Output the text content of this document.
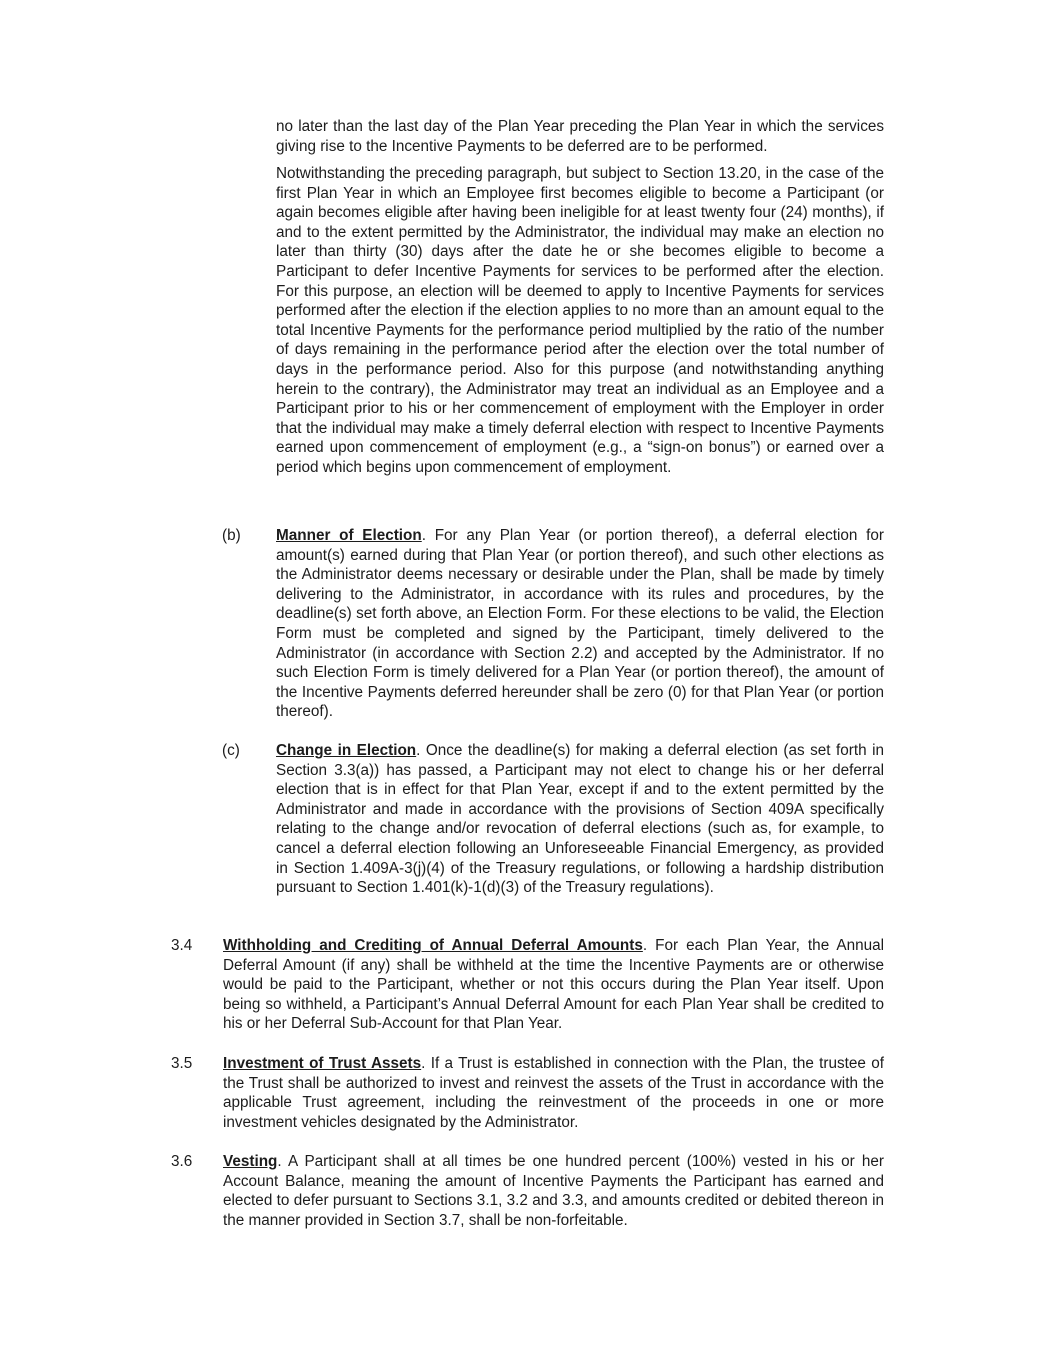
no later than the last day of the Plan Year preceding the Plan Year in which the services giving rise to the Incentive Payments to be deferred are to be performed.

Notwithstanding the preceding paragraph, but subject to Section 13.20, in the case of the first Plan Year in which an Employee first becomes eligible to become a Participant (or again becomes eligible after having been ineligible for at least twenty four (24) months), if and to the extent permitted by the Administrator, the individual may make an election no later than thirty (30) days after the date he or she becomes eligible to become a Participant to defer Incentive Payments for services to be performed after the election. For this purpose, an election will be deemed to apply to Incentive Payments for services performed after the election if the election applies to no more than an amount equal to the total Incentive Payments for the performance period multiplied by the ratio of the number of days remaining in the performance period after the election over the total number of days in the performance period. Also for this purpose (and notwithstanding anything herein to the contrary), the Administrator may treat an individual as an Employee and a Participant prior to his or her commencement of employment with the Employer in order that the individual may make a timely deferral election with respect to Incentive Payments earned upon commencement of employment (e.g., a “sign-on bonus”) or earned over a period which begins upon commencement of employment.

(b) Manner of Election. For any Plan Year (or portion thereof), a deferral election for amount(s) earned during that Plan Year (or portion thereof), and such other elections as the Administrator deems necessary or desirable under the Plan, shall be made by timely delivering to the Administrator, in accordance with its rules and procedures, by the deadline(s) set forth above, an Election Form. For these elections to be valid, the Election Form must be completed and signed by the Participant, timely delivered to the Administrator (in accordance with Section 2.2) and accepted by the Administrator. If no such Election Form is timely delivered for a Plan Year (or portion thereof), the amount of the Incentive Payments deferred hereunder shall be zero (0) for that Plan Year (or portion thereof).

(c) Change in Election. Once the deadline(s) for making a deferral election (as set forth in Section 3.3(a)) has passed, a Participant may not elect to change his or her deferral election that is in effect for that Plan Year, except if and to the extent permitted by the Administrator and made in accordance with the provisions of Section 409A specifically relating to the change and/or revocation of deferral elections (such as, for example, to cancel a deferral election following an Unforeseeable Financial Emergency, as provided in Section 1.409A-3(j)(4) of the Treasury regulations, or following a hardship distribution pursuant to Section 1.401(k)-1(d)(3) of the Treasury regulations).

3.4 Withholding and Crediting of Annual Deferral Amounts. For each Plan Year, the Annual Deferral Amount (if any) shall be withheld at the time the Incentive Payments are or otherwise would be paid to the Participant, whether or not this occurs during the Plan Year itself. Upon being so withheld, a Participant’s Annual Deferral Amount for each Plan Year shall be credited to his or her Deferral Sub-Account for that Plan Year.

3.5 Investment of Trust Assets. If a Trust is established in connection with the Plan, the trustee of the Trust shall be authorized to invest and reinvest the assets of the Trust in accordance with the applicable Trust agreement, including the reinvestment of the proceeds in one or more investment vehicles designated by the Administrator.

3.6 Vesting. A Participant shall at all times be one hundred percent (100%) vested in his or her Account Balance, meaning the amount of Incentive Payments the Participant has earned and elected to defer pursuant to Sections 3.1, 3.2 and 3.3, and amounts credited or debited thereon in the manner provided in Section 3.7, shall be non-forfeitable.
